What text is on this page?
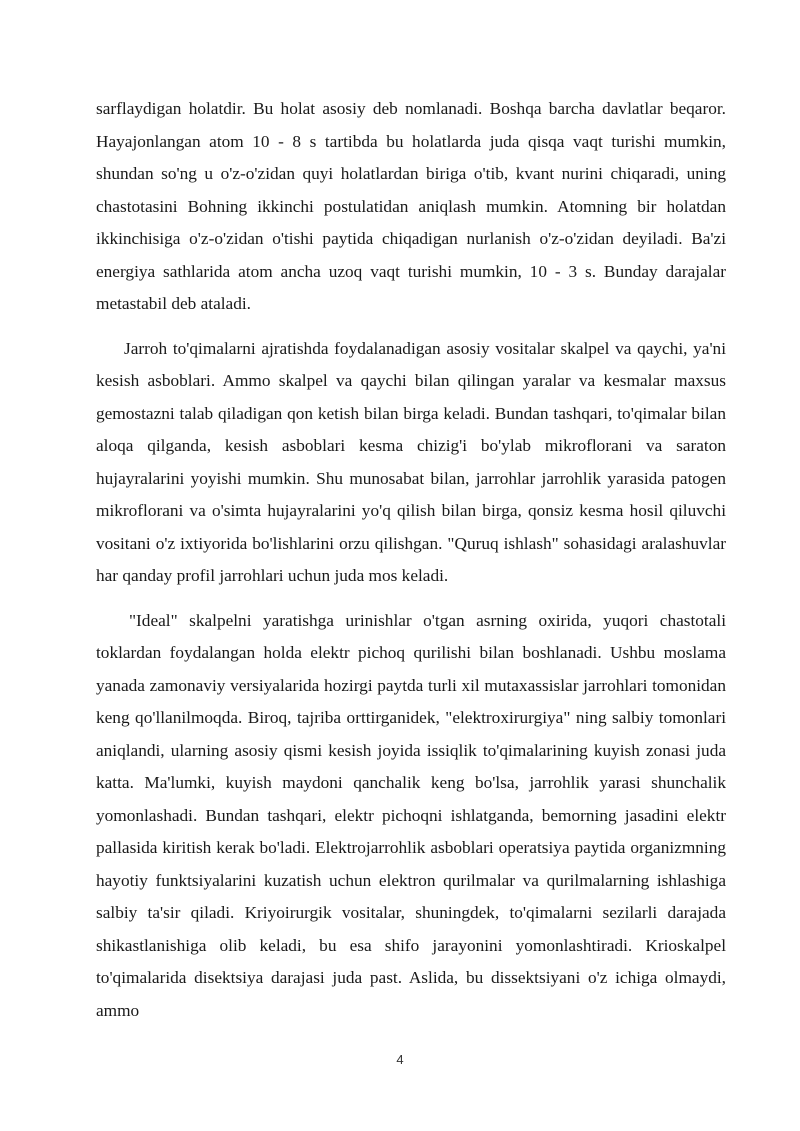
sarflaydigan holatdir. Bu holat asosiy deb nomlanadi. Boshqa barcha davlatlar beqaror. Hayajonlangan atom 10 - 8 s tartibda bu holatlarda juda qisqa vaqt turishi mumkin, shundan so'ng u o'z-o'zidan quyi holatlardan biriga o'tib, kvant nurini chiqaradi, uning chastotasini Bohning ikkinchi postulatidan aniqlash mumkin. Atomning bir holatdan ikkinchisiga o'z-o'zidan o'tishi paytida chiqadigan nurlanish o'z-o'zidan deyiladi. Ba'zi energiya sathlarida atom ancha uzoq vaqt turishi mumkin, 10 - 3 s. Bunday darajalar metastabil deb ataladi.

Jarroh to'qimalarni ajratishda foydalanadigan asosiy vositalar skalpel va qaychi, ya'ni kesish asboblari. Ammo skalpel va qaychi bilan qilingan yaralar va kesmalar maxsus gemostazni talab qiladigan qon ketish bilan birga keladi. Bundan tashqari, to'qimalar bilan aloqa qilganda, kesish asboblari kesma chizig'i bo'ylab mikroflorani va saraton hujayralarini yoyishi mumkin. Shu munosabat bilan, jarrohlar jarrohlik yarasida patogen mikroflorani va o'simta hujayralarini yo'q qilish bilan birga, qonsiz kesma hosil qiluvchi vositani o'z ixtiyorida bo'lishlarini orzu qilishgan. "Quruq ishlash" sohasidagi aralashuvlar har qanday profil jarrohlari uchun juda mos keladi.

"Ideal" skalpelni yaratishga urinishlar o'tgan asrning oxirida, yuqori chastotali toklardan foydalangan holda elektr pichoq qurilishi bilan boshlanadi. Ushbu moslama yanada zamonaviy versiyalarida hozirgi paytda turli xil mutaxassislar jarrohlari tomonidan keng qo'llanilmoqda. Biroq, tajriba orttirganidek, "elektroxirurgiya" ning salbiy tomonlari aniqlandi, ularning asosiy qismi kesish joyida issiqlik to'qimalarining kuyish zonasi juda katta. Ma'lumki, kuyish maydoni qanchalik keng bo'lsa, jarrohlik yarasi shunchalik yomonlashadi. Bundan tashqari, elektr pichoqni ishlatganda, bemorning jasadini elektr pallasida kiritish kerak bo'ladi. Elektrojarrohlik asboblari operatsiya paytida organizmning hayotiy funktsiyalarini kuzatish uchun elektron qurilmalar va qurilmalarning ishlashiga salbiy ta'sir qiladi. Kriyoirurgik vositalar, shuningdek, to'qimalarni sezilarli darajada shikastlanishiga olib keladi, bu esa shifo jarayonini yomonlashtiradi. Krioskalpel to'qimalarida disektsiya darajasi juda past. Aslida, bu dissektsiyani o'z ichiga olmaydi, ammo

4
